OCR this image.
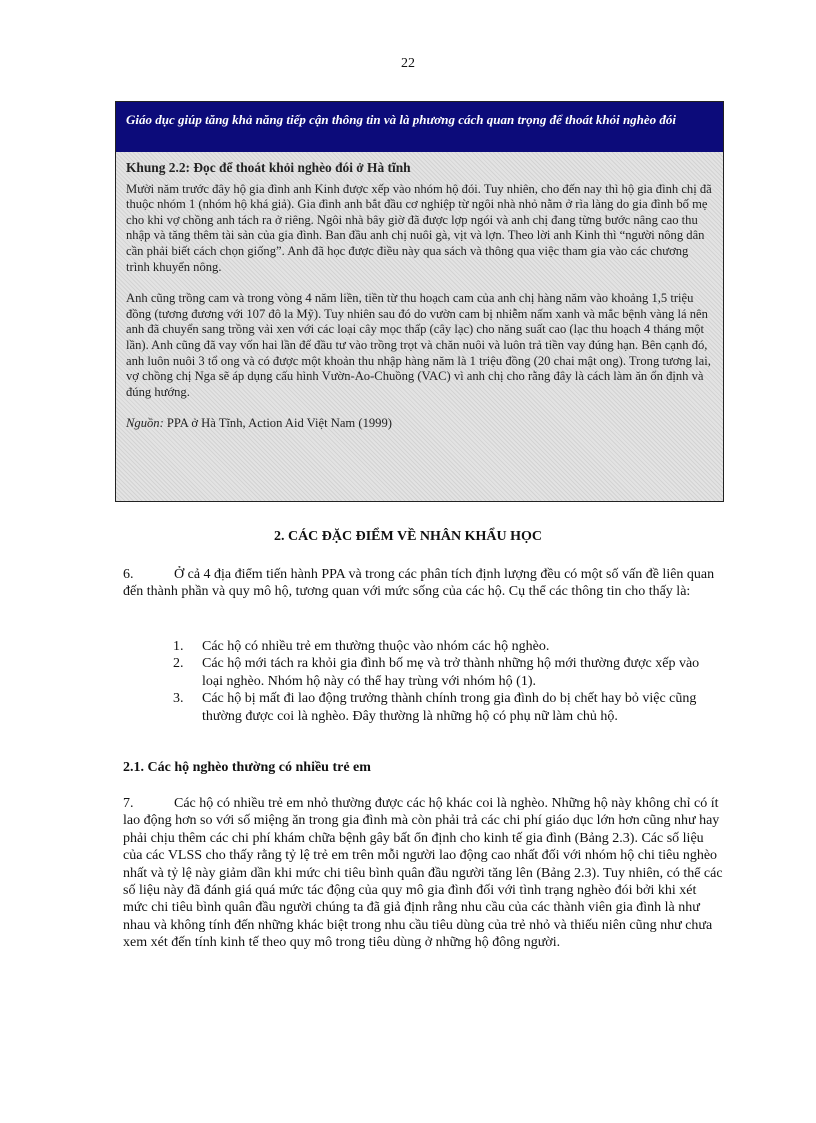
22
Giáo dục giúp tăng khả năng tiếp cận thông tin và là phương cách quan trọng để thoát khỏi nghèo đói
Khung 2.2: Đọc để thoát khỏi nghèo đói ở Hà tĩnh

Mười năm trước đây hộ gia đình anh Kinh được xếp vào nhóm hộ đói. Tuy nhiên, cho đến nay thì hộ gia đình chị đã thuộc nhóm 1 (nhóm hộ khá giả). Gia đình anh bắt đầu cơ nghiệp từ ngôi nhà nhỏ nằm ở rìa làng do gia đình bố mẹ cho khi vợ chồng anh tách ra ở riêng. Ngôi nhà bây giờ đã được lợp ngói và anh chị đang từng bước nâng cao thu nhập và tăng thêm tài sản của gia đình. Ban đầu anh chị nuôi gà, vịt và lợn. Theo lời anh Kinh thì “người nông dân cần phải biết cách chọn giống”. Anh đã học được điều này qua sách và thông qua việc tham gia vào các chương trình khuyến nông.

Anh cũng trồng cam và trong vòng 4 năm liền, tiền từ thu hoạch cam của anh chị hàng năm vào khoảng 1,5 triệu đồng (tương đương với 107 đô la Mỹ). Tuy nhiên sau đó do vườn cam bị nhiễm nấm xanh và mắc bệnh vàng lá nên anh đã chuyển sang trồng vải xen với các loại cây mọc thấp (cây lạc) cho năng suất cao (lạc thu hoạch 4 tháng một lần). Anh cũng đã vay vốn hai lần để đầu tư vào trồng trọt và chăn nuôi và luôn trả tiền vay đúng hạn. Bên cạnh đó, anh luôn nuôi 3 tổ ong và có được một khoản thu nhập hàng năm là 1 triệu đồng (20 chai mật ong). Trong tương lai, vợ chồng chị Nga sẽ áp dụng cấu hình Vườn-Ao-Chuồng (VAC) vì anh chị cho rằng đây là cách làm ăn ổn định và đúng hướng.

Nguồn: PPA ở Hà Tĩnh, Action Aid Việt Nam (1999)

2. CÁC ĐẶC ĐIỂM VỀ NHÂN KHẨU HỌC
6.	Ở cả 4 địa điểm tiến hành PPA và trong các phân tích định lượng đều có một số vấn đề liên quan đến thành phần và quy mô hộ, tương quan với mức sống của các hộ. Cụ thể các thông tin cho thấy là:
1.	Các hộ có nhiều trẻ em thường thuộc vào nhóm các hộ nghèo.
2.	Các hộ mới tách ra khỏi gia đình bố mẹ và trở thành những hộ mới thường được xếp vào loại nghèo. Nhóm hộ này có thể hay trùng với nhóm hộ (1).
3.	Các hộ bị mất đi lao động trưởng thành chính trong gia đình do bị chết hay bỏ việc cũng thường được coi là nghèo. Đây thường là những hộ có phụ nữ làm chủ hộ.
2.1. Các hộ nghèo thường có nhiều trẻ em
7.	Các hộ có nhiều trẻ em nhỏ thường được các hộ khác coi là nghèo. Những hộ này không chỉ có ít lao động hơn so với số miệng ăn trong gia đình mà còn phải trả các chi phí giáo dục lớn hơn cũng như hay phải chịu thêm các chi phí khám chữa bệnh gây bất ổn định cho kinh tế gia đình (Bảng 2.3). Các số liệu của các VLSS cho thấy rằng tỷ lệ trẻ em trên mỗi người lao động cao nhất đối với nhóm hộ chi tiêu nghèo nhất và tỷ lệ này giảm dần khi mức chi tiêu bình quân đầu người tăng lên (Bảng 2.3). Tuy nhiên, có thể các số liệu này đã đánh giá quá mức tác động của quy mô gia đình đối với tình trạng nghèo đói bởi khi xét mức chi tiêu bình quân đầu người chúng ta đã giả định rằng nhu cầu của các thành viên gia đình là như nhau và không tính đến những khác biệt trong nhu cầu tiêu dùng của trẻ nhỏ và thiếu niên cũng như chưa xem xét đến tính kinh tế theo quy mô trong tiêu dùng ở những hộ đông người.
